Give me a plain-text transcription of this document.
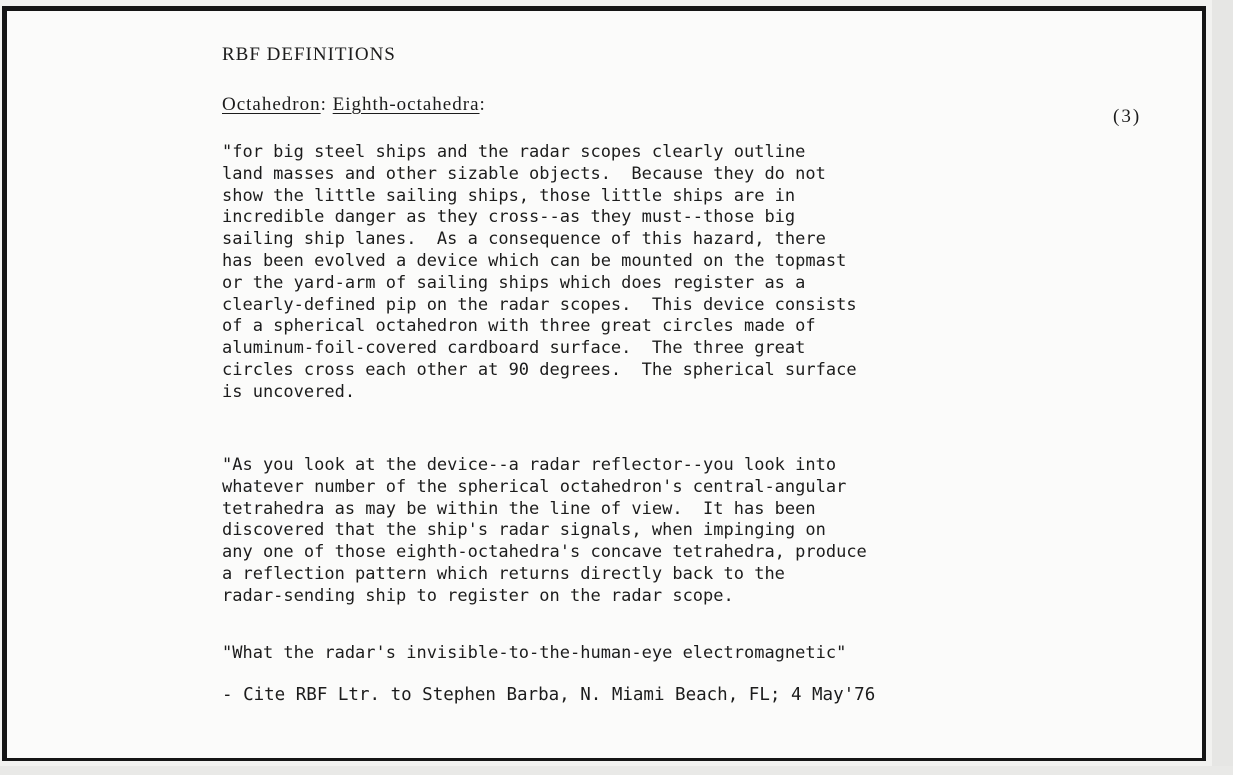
RBF DEFINITIONS
Octahedron: Eighth-octahedra:
(3)

"for big steel ships and the radar scopes clearly outline
land masses and other sizable objects.  Because they do not
show the little sailing ships, those little ships are in
incredible danger as they cross--as they must--those big
sailing ship lanes.  As a consequence of this hazard, there
has been evolved a device which can be mounted on the topmast
or the yard-arm of sailing ships which does register as a
clearly-defined pip on the radar scopes.  This device consists
of a spherical octahedron with three great circles made of
aluminum-foil-covered cardboard surface.  The three great
circles cross each other at 90 degrees.  The spherical surface
is uncovered.

"As you look at the device--a radar reflector--you look into
whatever number of the spherical octahedron's central-angular
tetrahedra as may be within the line of view.  It has been
discovered that the ship's radar signals, when impinging on
any one of those eighth-octahedra's concave tetrahedra, produce
a reflection pattern which returns directly back to the
radar-sending ship to register on the radar scope.

"What the radar's invisible-to-the-human-eye electromagnetic"

- Cite RBF Ltr. to Stephen Barba, N. Miami Beach, FL; 4 May'76
